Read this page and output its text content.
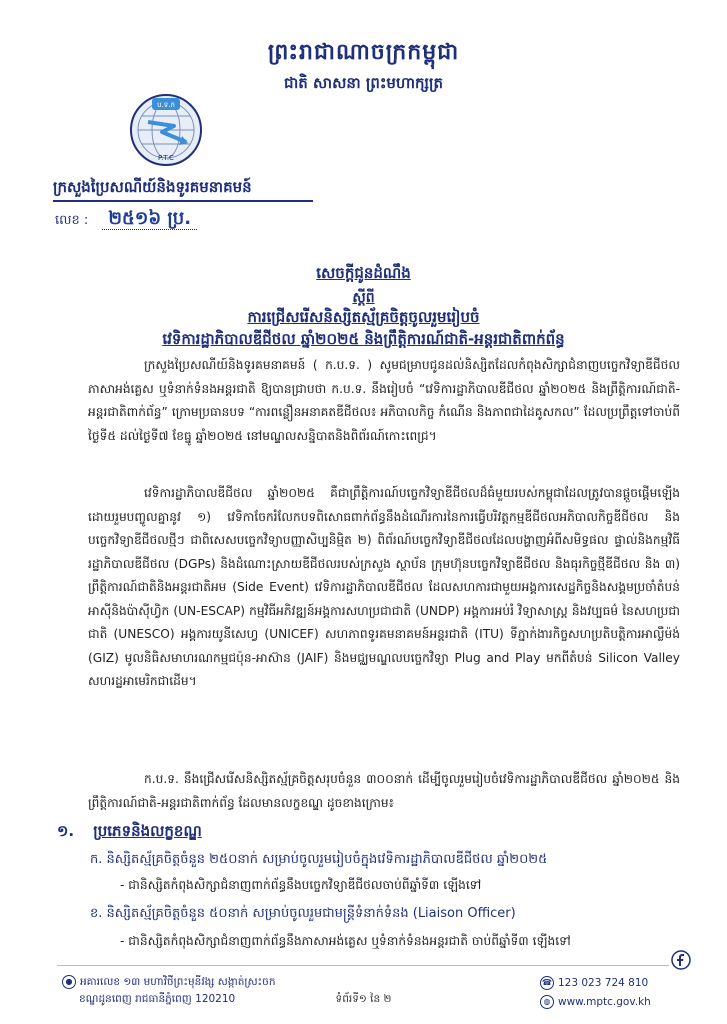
ព្រះរាជាណាចក្រកម្ពុជា
ជាតិ សាសនា ព្រះមហាក្សត្រ
ប.ទ.ក
P.T.C
ក្រសួងប្រៃសណីយ៍និងទូរគមនាគមន៍
លេខ : ២៥១៦ ប្រ.
សេចក្តីជូនដំណឹង
ស្តីពី
ការជ្រើសរើសនិស្សិតស្ម័គ្រចិត្តចូលរួមរៀបចំ
វេទិការដ្ឋាភិបាលឌីជីថល ឆ្នាំ២០២៥ និងព្រឹត្តិការណ៍ជាតិ-អន្តរជាតិពាក់ព័ន្ធ
ក្រសួងប្រៃសណីយ៍និងទូរគមនាគមន៍ ( ក.ប.ទ. ) សូមជម្រាបជូនដល់និស្សិតដែលកំពុងសិក្សាជំនាញបច្ចេកវិទ្យាឌីជីថល ភាសាអង់គ្លេស ឬទំនាក់ទំនងអន្តរជាតិ ឱ្យបានជ្រាបថា ក.ប.ទ. នឹងរៀបចំ “វេទិការដ្ឋាភិបាលឌីជីថល ឆ្នាំ២០២៥ និងព្រឹត្តិការណ៍ជាតិ-អន្តរជាតិពាក់ព័ន្ធ” ក្រោមប្រធានបទ “ការពន្លឿនអនាគតឌីជីថល៖ អភិបាលកិច្ច កំណើន និងភាពជាដៃគូសកល” ដែលប្រព្រឹត្តទៅចាប់ពីថ្ងៃទី៥ ដល់ថ្ងៃទី៧ ខែធ្នូ ឆ្នាំ២០២៥ នៅមណ្ឌលសន្និបាតនិងពិព័រណ៍កោះពេជ្រ។
វេទិការដ្ឋាភិបាលឌីជីថល ឆ្នាំ២០២៥ គឺជាព្រឹត្តិការណ៍បច្ចេកវិទ្យាឌីជីថលដ៏ធំមួយរបស់កម្ពុជាដែលត្រូវបានផ្តួចផ្តើមឡើងដោយរួមបញ្ចូលគ្នានូវ ១) វេទិកាចែករំលែកបទពិសោធពាក់ព័ន្ធនឹងដំណើរការនៃការធ្វើបរិវត្តកម្មឌីជីថលអភិបាលកិច្ចឌីជីថល និងបច្ចេកវិទ្យាឌីជីថលថ្មីៗ ជាពិសេសបច្ចេកវិទ្យាបញ្ញាសិប្បនិម្មិត ២) ពិព័រណ៍បច្ចេកវិទ្យាឌីជីថលដែលបង្ហាញអំពីសមិទ្ធផល ផ្ទាល់និងកម្មវិធីរដ្ឋាភិបាលឌីជីថល (DGPs) និងដំណោះស្រាយឌីជីថលរបស់ក្រសួង ស្ថាប័ន ក្រុមហ៊ុនបច្ចេកវិទ្យាឌីជីថល និងធុរកិច្ចថ្មីឌីជីថល និង ៣) ព្រឹត្តិការណ៍ជាតិនិងអន្តរជាតិអម (Side Event) វេទិការដ្ឋាភិបាលឌីជីថល ដែលសហការជាមួយអង្គការសេដ្ឋកិច្ចនិងសង្គមប្រចាំតំបន់អាស៊ីនិងប៉ាស៊ីហ្វិក (UN-ESCAP) កម្មវិធីអភិវឌ្ឍន៍អង្គការសហប្រជាជាតិ (UNDP) អង្គការអប់រំ វិទ្យាសាស្ត្រ និងវប្បធម៌ នៃសហប្រជាជាតិ (UNESCO) អង្គការយូនីសេហ្វ (UNICEF) សហភាពទូរគមនាគមន៍អន្តរជាតិ (ITU) ទីភ្នាក់ងារកិច្ចសហប្រតិបត្តិការអាល្លឺម៉ង់ (GIZ) មូលនិធិសមាហរណកម្មជប៉ុន-អាស៊ាន (JAIF) និងមជ្ឈមណ្ឌលបច្ចេកវិទ្យា Plug and Play មកពីតំបន់ Silicon Valley សហរដ្ឋអាមេរិកជាដើម។
ក.ប.ទ. នឹងជ្រើសរើសនិស្សិតស្ម័គ្រចិត្តសរុបចំនួន ៣០០នាក់ ដើម្បីចូលរួមរៀបចំវេទិការដ្ឋាភិបាលឌីជីថល ឆ្នាំ២០២៥ និងព្រឹត្តិការណ៍ជាតិ-អន្តរជាតិពាក់ព័ន្ធ ដែលមានលក្ខខណ្ឌ ដូចខាងក្រោម៖
១. ប្រភេទនិងលក្ខខណ្ឌ
ក. និស្សិតស្ម័គ្រចិត្តចំនួន ២៥០នាក់ សម្រាប់ចូលរួមរៀបចំក្នុងវេទិការដ្ឋាភិបាលឌីជីថល ឆ្នាំ២០២៥
- ជានិស្សិតកំពុងសិក្សាជំនាញពាក់ព័ន្ធនឹងបច្ចេកវិទ្យាឌីជីថលចាប់ពីឆ្នាំទី៣ ឡើងទៅ
ខ. និស្សិតស្ម័គ្រចិត្តចំនួន ៥០នាក់ សម្រាប់ចូលរួមជាមន្ត្រីទំនាក់ទំនង (Liaison Officer)
- ជានិស្សិតកំពុងសិក្សាជំនាញពាក់ព័ន្ធនឹងភាសាអង់គ្លេស ឬទំនាក់ទំនងអន្តរជាតិ ចាប់ពីឆ្នាំទី៣ ឡើងទៅ
● អគារលេខ ១៣ មហាវិថីព្រះមុនីវង្ស សង្កាត់ស្រះចក
ខណ្ឌដូនពេញ រាជធានីភ្នំពេញ 120210	ទំព័រទី១ នៃ ២
☎ 123 023 724 810
◍ www.mptc.gov.kh
